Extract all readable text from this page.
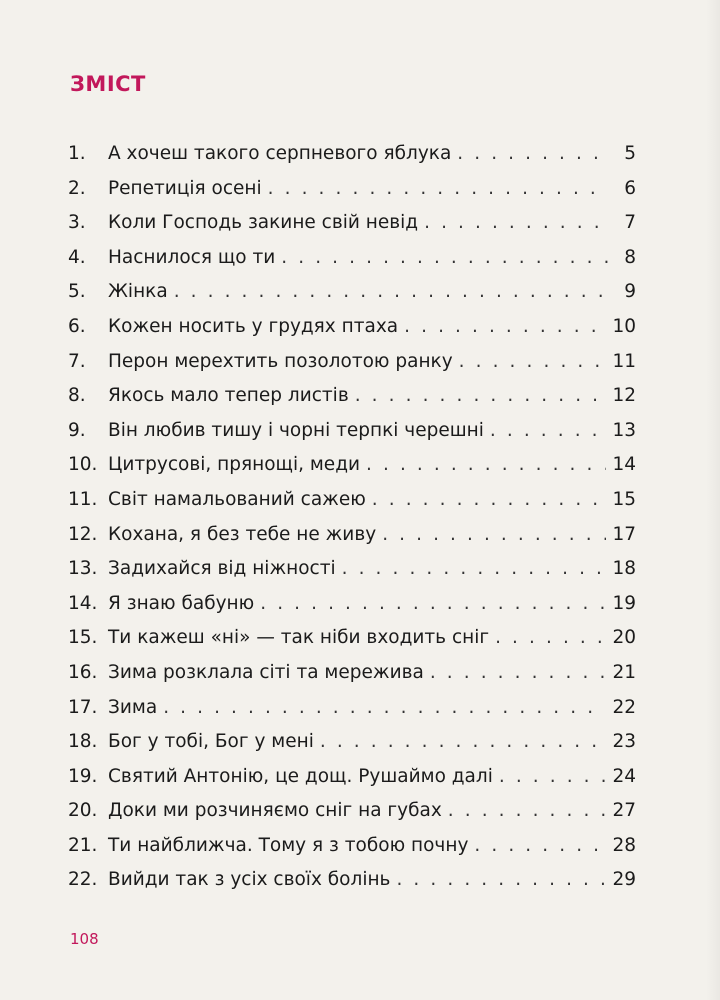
ЗМІСТ
1.	А хочеш такого серпневого яблука . . .	5
2.	Репетиція осені . . .	6
3.	Коли Господь закине свій невід . . .	7
4.	Наснилося що ти . . .	8
5.	Жінка . . .	9
6.	Кожен носить у грудях птаха . . .	10
7.	Перон мерехтить позолотою ранку . . .	11
8.	Якось мало тепер листів . . .	12
9.	Він любив тишу і чорні терпкі черешні . . .	13
10. Цитрусові, прянощі, меди . . .	14
11. Світ намальований сажею . . .	15
12. Кохана, я без тебе не живу . . .	17
13. Задихайся від ніжності . . .	18
14. Я знаю бабуню . . .	19
15. Ти кажеш «ні» — так ніби входить сніг . . .	20
16. Зима розклала сіті та мереживa . . .	21
17. Зима . . .	22
18. Бог у тобі, Бог у мені . . .	23
19. Святий Антонію, це дощ. Рушаймо далі . . .	24
20. Доки ми розчиняємо сніг на губах . . .	27
21. Ти найближча. Тому я з тобою почну . . .	28
22. Вийди так з усіх своїх болінь . . .	29
108
